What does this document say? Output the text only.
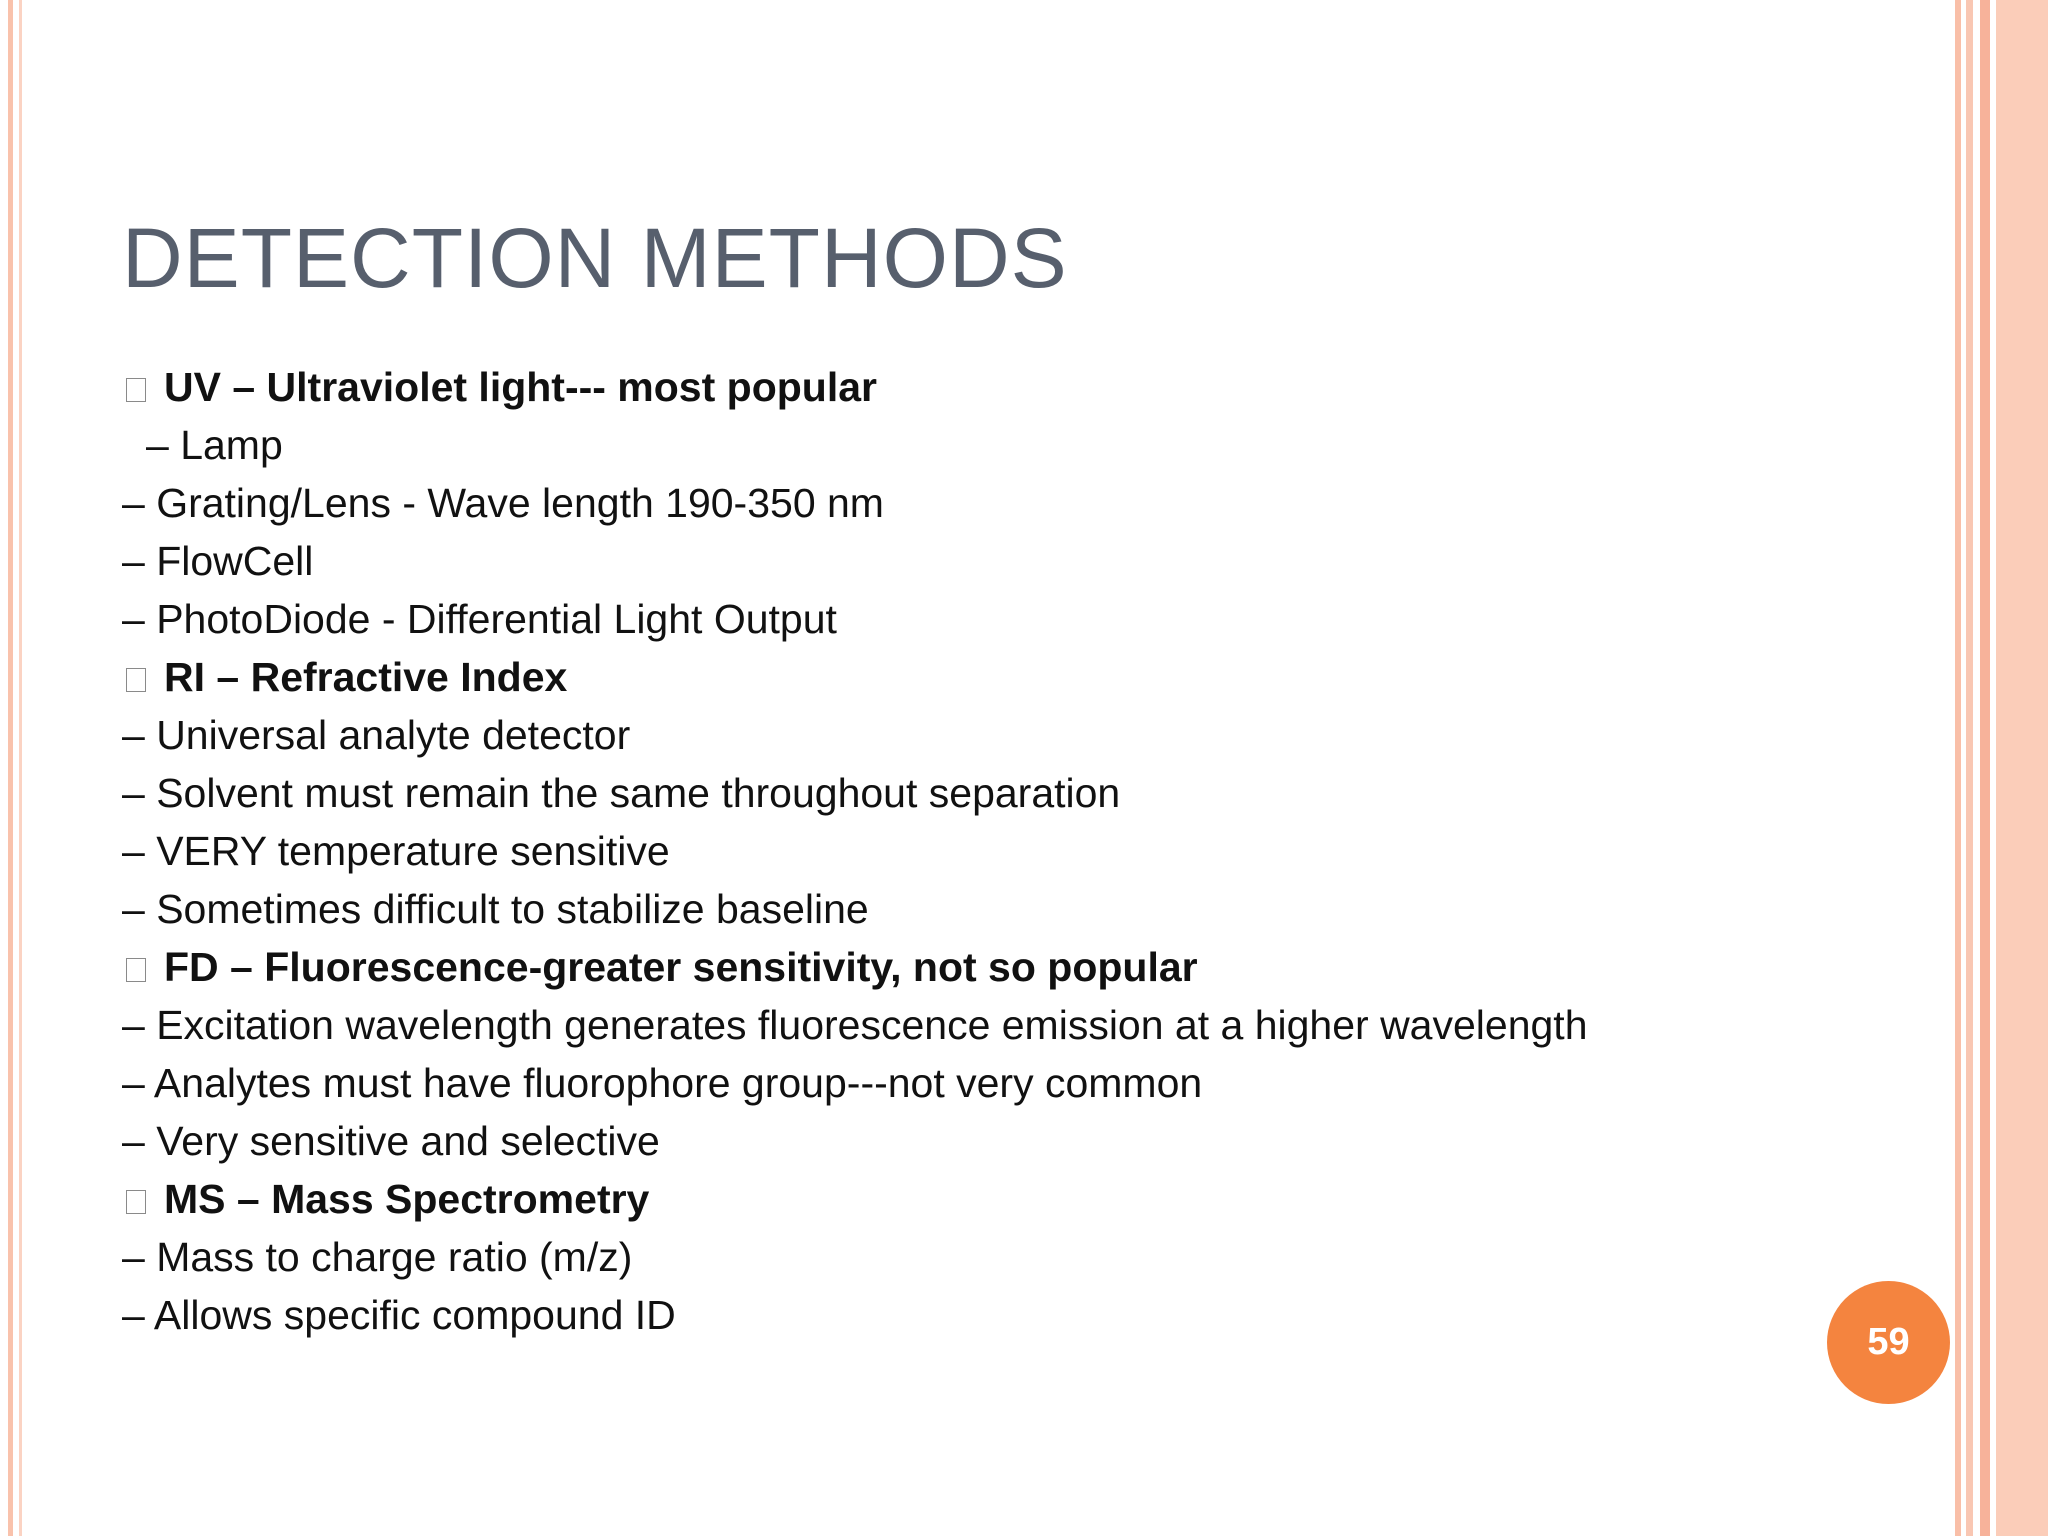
DETECTION METHODS
UV – Ultraviolet light--- most popular
– Lamp
– Grating/Lens - Wave length 190-350 nm
– FlowCell
– PhotoDiode - Differential Light Output
RI – Refractive Index
– Universal analyte detector
– Solvent must remain the same throughout separation
– VERY temperature sensitive
– Sometimes difficult to stabilize baseline
FD – Fluorescence-greater sensitivity, not so popular
– Excitation wavelength generates fluorescence emission at a higher wavelength
– Analytes must have fluorophore group---not very common
– Very sensitive and selective
MS – Mass Spectrometry
– Mass to charge ratio (m/z)
– Allows specific compound ID
59
